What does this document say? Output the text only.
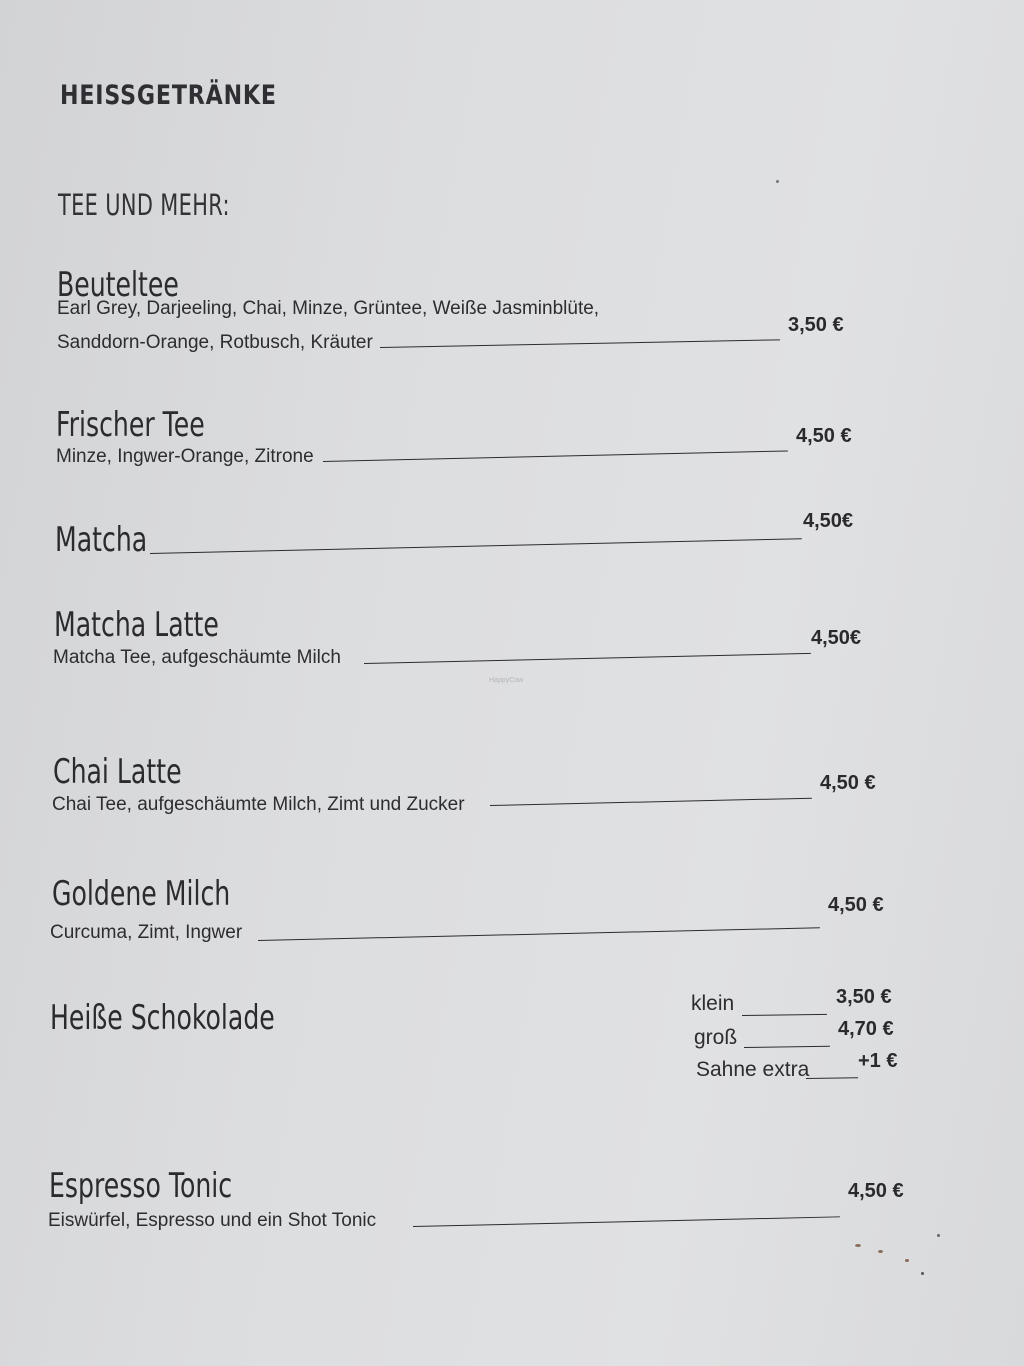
HEISSGETRÄNKE
TEE UND MEHR:
Beuteltee
Earl Grey, Darjeeling, Chai, Minze, Grüntee, Weiße Jasminblüte,
Sanddorn-Orange, Rotbusch, Kräuter
3,50 €
Frischer Tee
Minze, Ingwer-Orange, Zitrone
4,50 €
Matcha	4,50€
Matcha Latte
Matcha Tee, aufgeschäumte Milch
4,50€
HappyCow
Chai Latte
Chai Tee, aufgeschäumte Milch, Zimt und Zucker
4,50 €
Goldene Milch
Curcuma, Zimt, Ingwer
4,50 €
Heiße Schokolade	klein	3,50 €
groß	4,70 €
Sahne extra +1 €
Espresso Tonic
Eiswürfel, Espresso und ein Shot Tonic
4,50 €
